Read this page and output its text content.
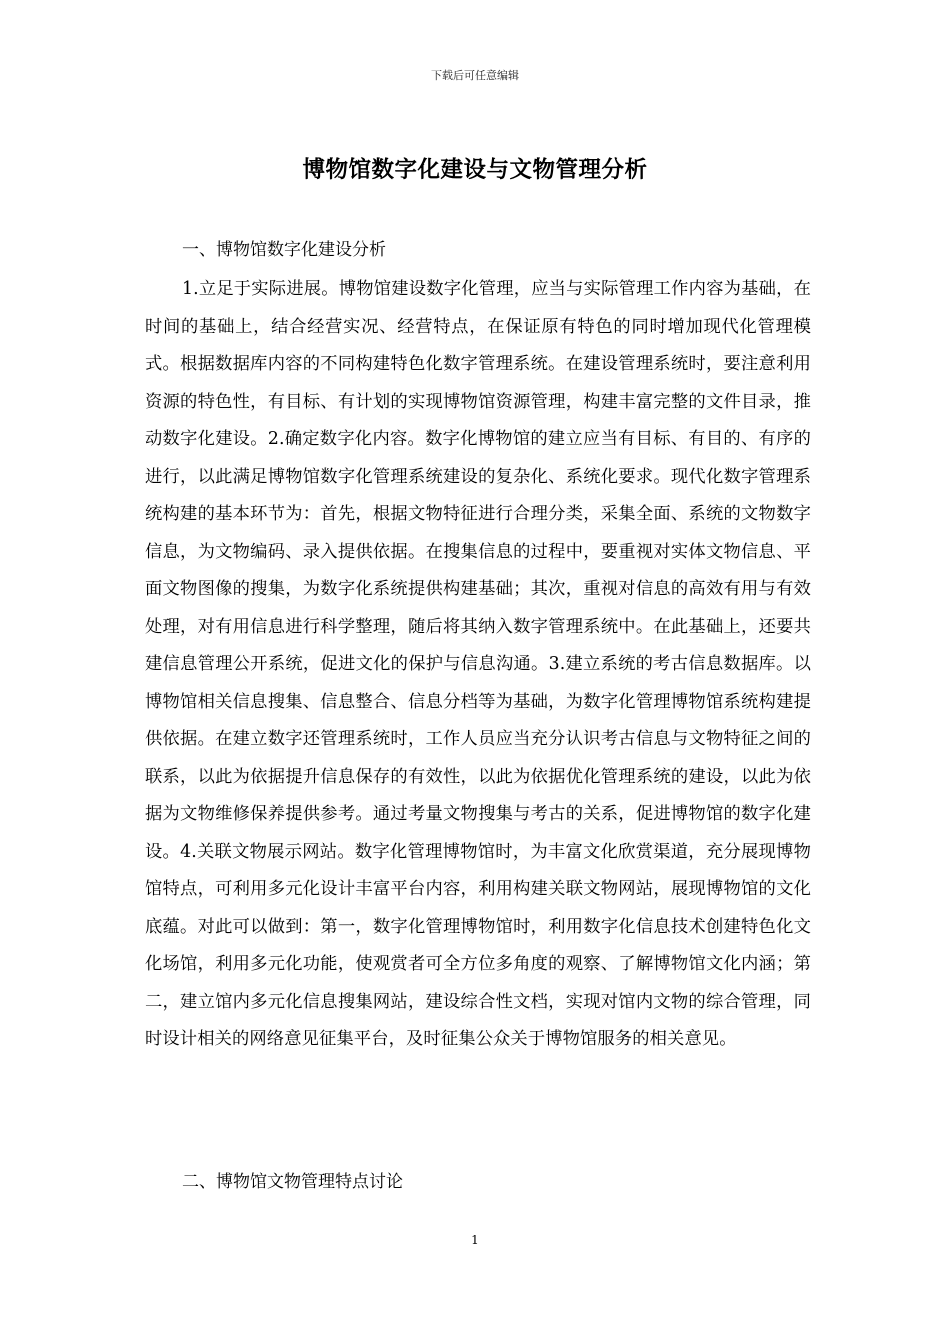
下载后可任意编辑
博物馆数字化建设与文物管理分析
一、博物馆数字化建设分析

1.立足于实际进展。博物馆建设数字化管理，应当与实际管理工作内容为基础，在时间的基础上，结合经营实况、经营特点，在保证原有特色的同时增加现代化管理模式。根据数据库内容的不同构建特色化数字管理系统。在建设管理系统时，要注意利用资源的特色性，有目标、有计划的实现博物馆资源管理，构建丰富完整的文件目录，推动数字化建设。2.确定数字化内容。数字化博物馆的建立应当有目标、有目的、有序的进行，以此满足博物馆数字化管理系统建设的复杂化、系统化要求。现代化数字管理系统构建的基本环节为：首先，根据文物特征进行合理分类，采集全面、系统的文物数字信息，为文物编码、录入提供依据。在搜集信息的过程中，要重视对实体文物信息、平面文物图像的搜集，为数字化系统提供构建基础；其次，重视对信息的高效有用与有效处理，对有用信息进行科学整理，随后将其纳入数字管理系统中。在此基础上，还要共建信息管理公开系统，促进文化的保护与信息沟通。3.建立系统的考古信息数据库。以博物馆相关信息搜集、信息整合、信息分档等为基础，为数字化管理博物馆系统构建提供依据。在建立数字还管理系统时，工作人员应当充分认识考古信息与文物特征之间的联系，以此为依据提升信息保存的有效性，以此为依据优化管理系统的建设，以此为依据为文物维修保养提供参考。通过考量文物搜集与考古的关系，促进博物馆的数字化建设。4.关联文物展示网站。数字化管理博物馆时，为丰富文化欣赏渠道，充分展现博物馆特点，可利用多元化设计丰富平台内容，利用构建关联文物网站，展现博物馆的文化底蕴。对此可以做到：第一，数字化管理博物馆时，利用数字化信息技术创建特色化文化场馆，利用多元化功能，使观赏者可全方位多角度的观察、了解博物馆文化内涵；第二，建立馆内多元化信息搜集网站，建设综合性文档，实现对馆内文物的综合管理，同时设计相关的网络意见征集平台，及时征集公众关于博物馆服务的相关意见。

二、博物馆文物管理特点讨论
1
